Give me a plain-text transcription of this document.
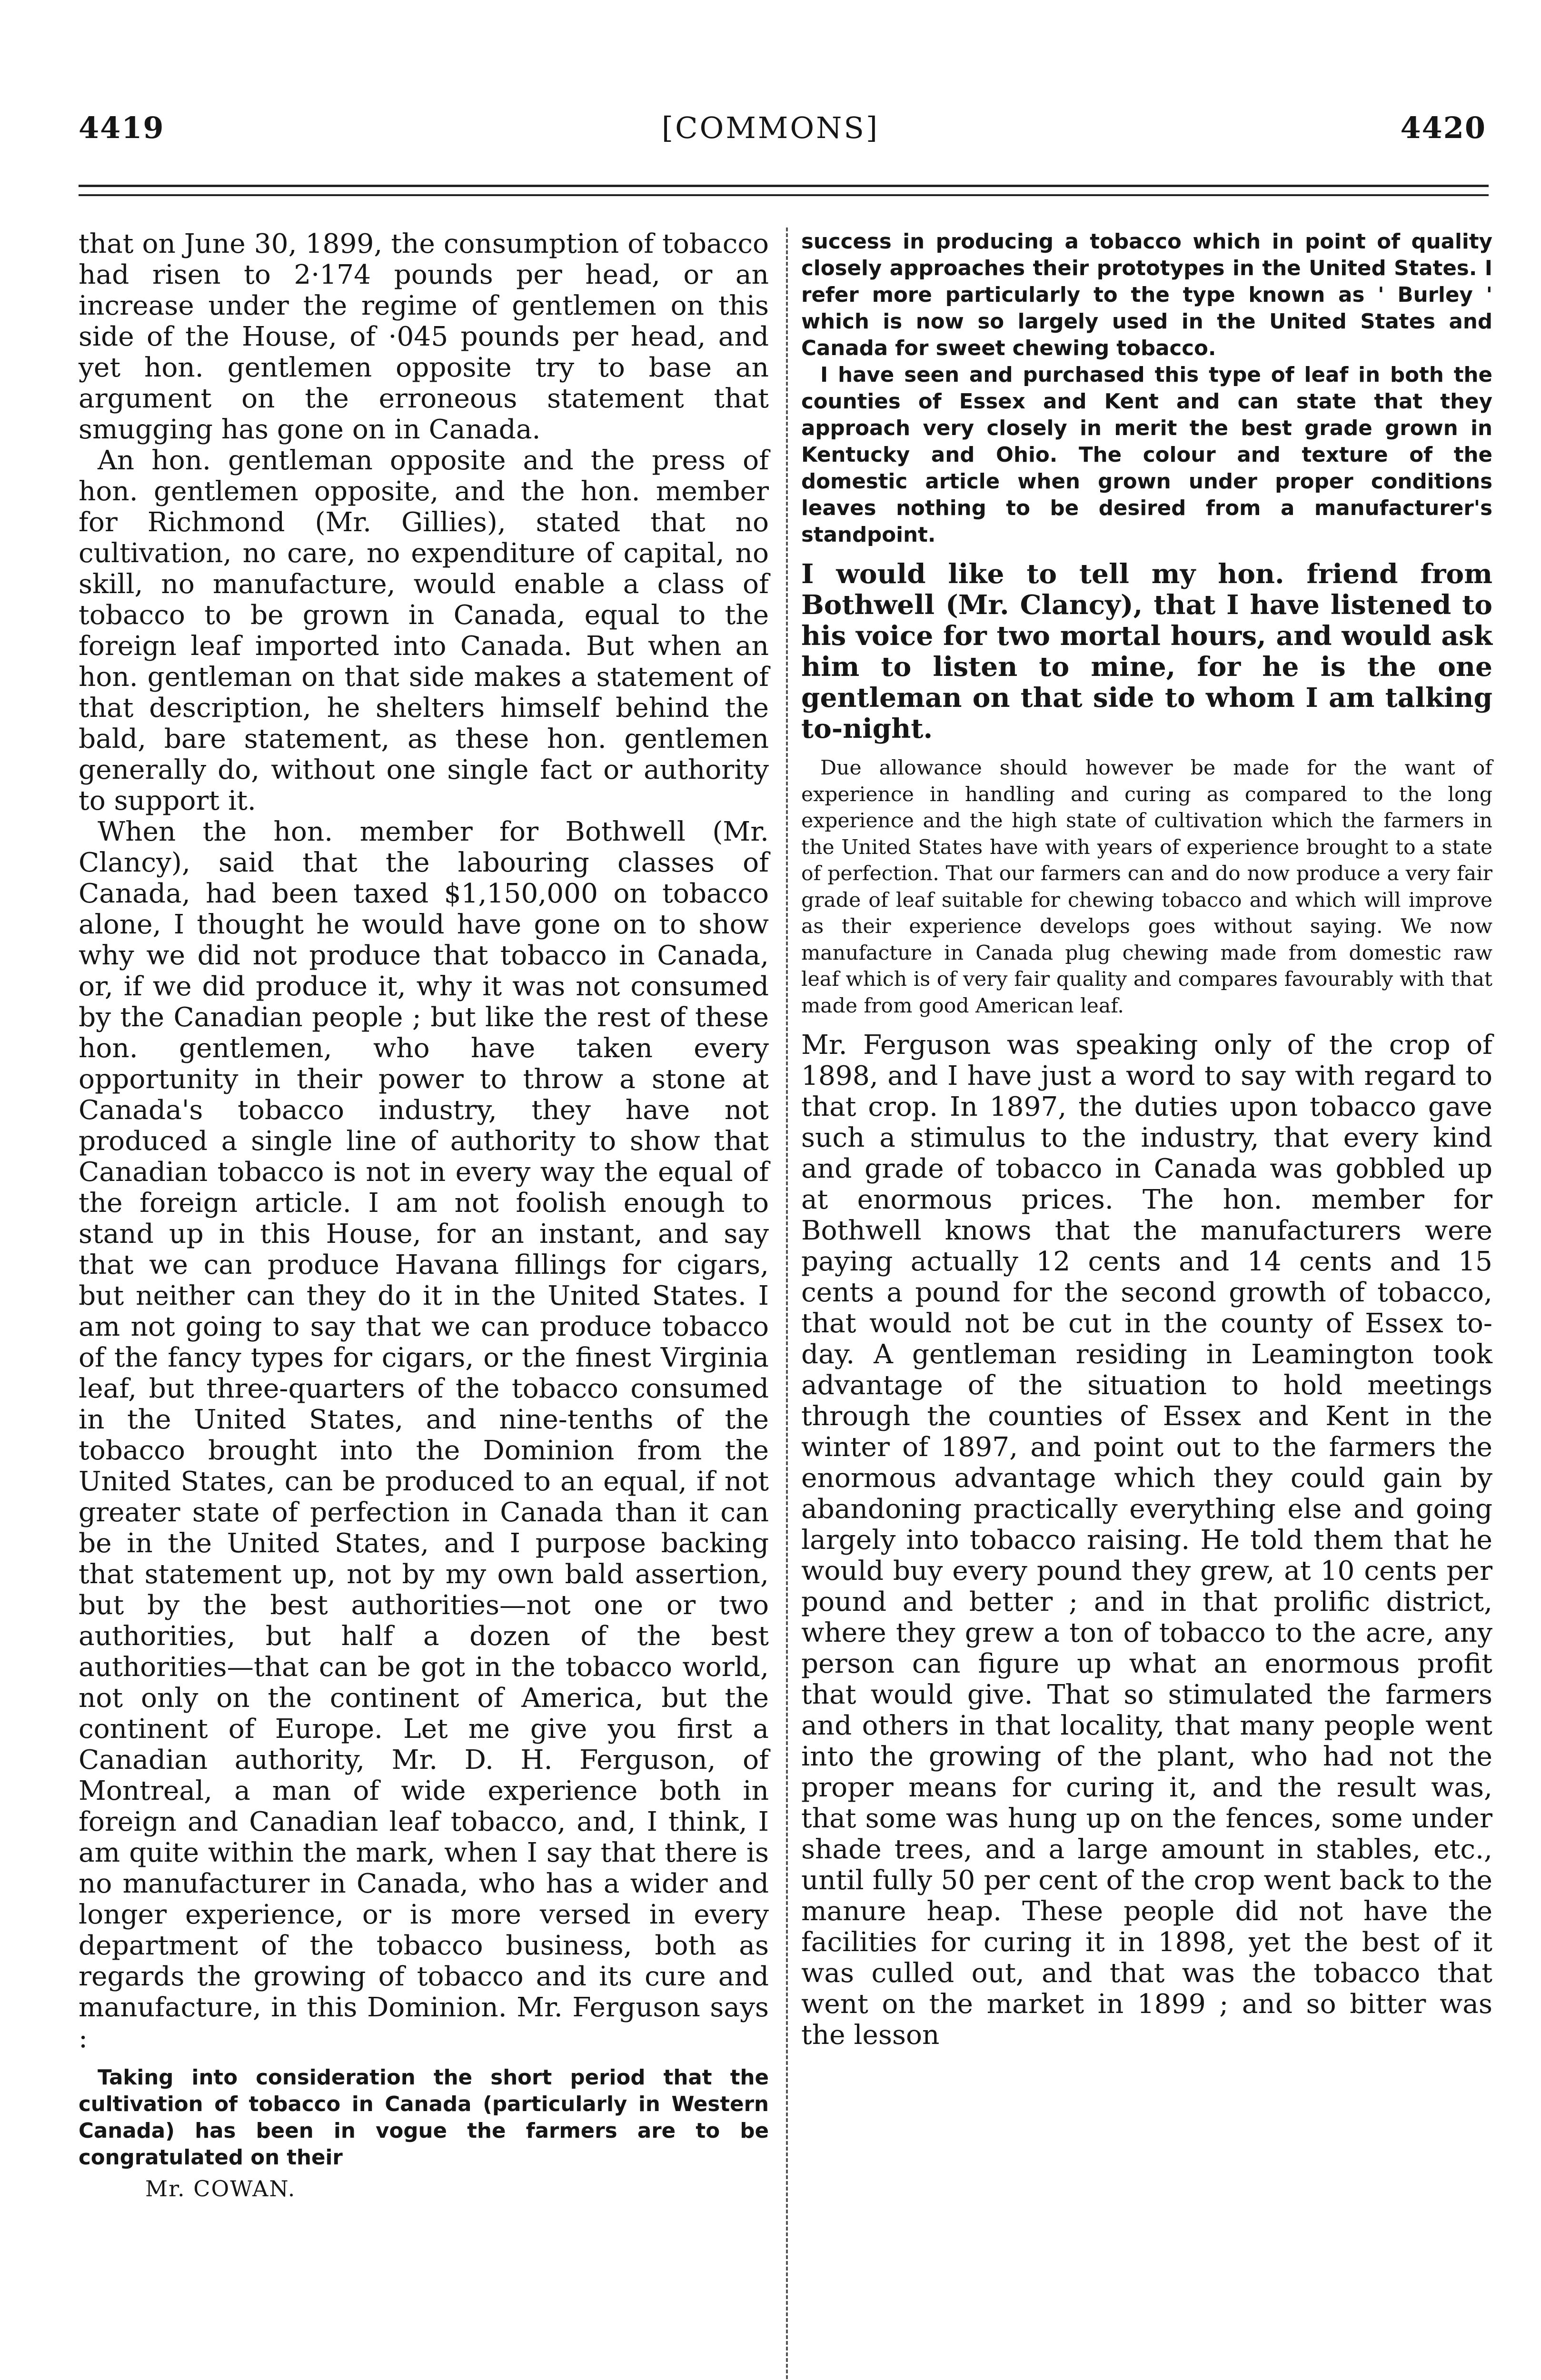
4419	[COMMONS]	4420

that on June 30, 1899, the consumption of tobacco had risen to 2·174 pounds per head, or an increase under the regime of gentlemen on this side of the House, of ·045 pounds per head, and yet hon. gentlemen opposite try to base an argument on the erroneous statement that smugging has gone on in Canada.

An hon. gentleman opposite and the press of hon. gentlemen opposite, and the hon. member for Richmond (Mr. Gillies), stated that no cultivation, no care, no expenditure of capital, no skill, no manufacture, would enable a class of tobacco to be grown in Canada, equal to the foreign leaf imported into Canada. But when an hon. gentleman on that side makes a statement of that description, he shelters himself behind the bald, bare statement, as these hon. gentlemen generally do, without one single fact or authority to support it.

When the hon. member for Bothwell (Mr. Clancy), said that the labouring classes of Canada, had been taxed $1,150,000 on tobacco alone, I thought he would have gone on to show why we did not produce that tobacco in Canada, or, if we did produce it, why it was not consumed by the Canadian people ; but like the rest of these hon. gentlemen, who have taken every opportunity in their power to throw a stone at Canada's tobacco industry, they have not produced a single line of authority to show that Canadian tobacco is not in every way the equal of the foreign article. I am not foolish enough to stand up in this House, for an instant, and say that we can produce Havana fillings for cigars, but neither can they do it in the United States. I am not going to say that we can produce tobacco of the fancy types for cigars, or the finest Virginia leaf, but three-quarters of the tobacco consumed in the United States, and nine-tenths of the tobacco brought into the Dominion from the United States, can be produced to an equal, if not greater state of perfection in Canada than it can be in the United States, and I purpose backing that statement up, not by my own bald assertion, but by the best authorities—not one or two authorities, but half a dozen of the best authorities—that can be got in the tobacco world, not only on the continent of America, but the continent of Europe. Let me give you first a Canadian authority, Mr. D. H. Ferguson, of Montreal, a man of wide experience both in foreign and Canadian leaf tobacco, and, I think, I am quite within the mark, when I say that there is no manufacturer in Canada, who has a wider and longer experience, or is more versed in every department of the tobacco business, both as regards the growing of tobacco and its cure and manufacture, in this Dominion. Mr. Ferguson says :

Taking into consideration the short period that the cultivation of tobacco in Canada (particularly in Western Canada) has been in vogue the farmers are to be congratulated on their

Mr. COWAN.

success in producing a tobacco which in point of quality closely approaches their prototypes in the United States. I refer more particularly to the type known as ' Burley ' which is now so largely used in the United States and Canada for sweet chewing tobacco.

I have seen and purchased this type of leaf in both the counties of Essex and Kent and can state that they approach very closely in merit the best grade grown in Kentucky and Ohio. The colour and texture of the domestic article when grown under proper conditions leaves nothing to be desired from a manufacturer's standpoint.

I would like to tell my hon. friend from Bothwell (Mr. Clancy), that I have listened to his voice for two mortal hours, and would ask him to listen to mine, for he is the one gentleman on that side to whom I am talking to-night.

Due allowance should however be made for the want of experience in handling and curing as compared to the long experience and the high state of cultivation which the farmers in the United States have with years of experience brought to a state of perfection. That our farmers can and do now produce a very fair grade of leaf suitable for chewing tobacco and which will improve as their experience develops goes without saying. We now manufacture in Canada plug chewing made from domestic raw leaf which is of very fair quality and compares favourably with that made from good American leaf.

Mr. Ferguson was speaking only of the crop of 1898, and I have just a word to say with regard to that crop. In 1897, the duties upon tobacco gave such a stimulus to the industry, that every kind and grade of tobacco in Canada was gobbled up at enormous prices. The hon. member for Bothwell knows that the manufacturers were paying actually 12 cents and 14 cents and 15 cents a pound for the second growth of tobacco, that would not be cut in the county of Essex to-day. A gentleman residing in Leamington took advantage of the situation to hold meetings through the counties of Essex and Kent in the winter of 1897, and point out to the farmers the enormous advantage which they could gain by abandoning practically everything else and going largely into tobacco raising. He told them that he would buy every pound they grew, at 10 cents per pound and better ; and in that prolific district, where they grew a ton of tobacco to the acre, any person can figure up what an enormous profit that would give. That so stimulated the farmers and others in that locality, that many people went into the growing of the plant, who had not the proper means for curing it, and the result was, that some was hung up on the fences, some under shade trees, and a large amount in stables, etc., until fully 50 per cent of the crop went back to the manure heap. These people did not have the facilities for curing it in 1898, yet the best of it was culled out, and that was the tobacco that went on the market in 1899 ; and so bitter was the lesson
